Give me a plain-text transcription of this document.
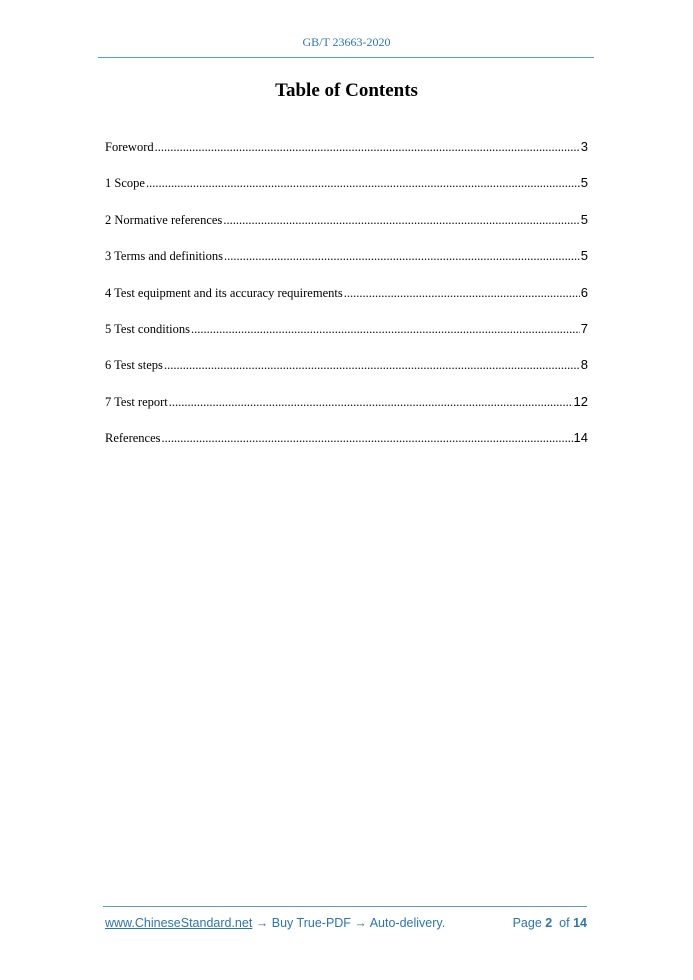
GB/T 23663-2020
Table of Contents
Foreword .....	3
1 Scope .....	5
2 Normative references .....	5
3 Terms and definitions .....	5
4 Test equipment and its accuracy requirements .....	6
5 Test conditions .....	7
6 Test steps .....	8
7 Test report .....	12
References .....	14
www.ChineseStandard.net → Buy True-PDF → Auto-delivery.	Page 2 of 14
